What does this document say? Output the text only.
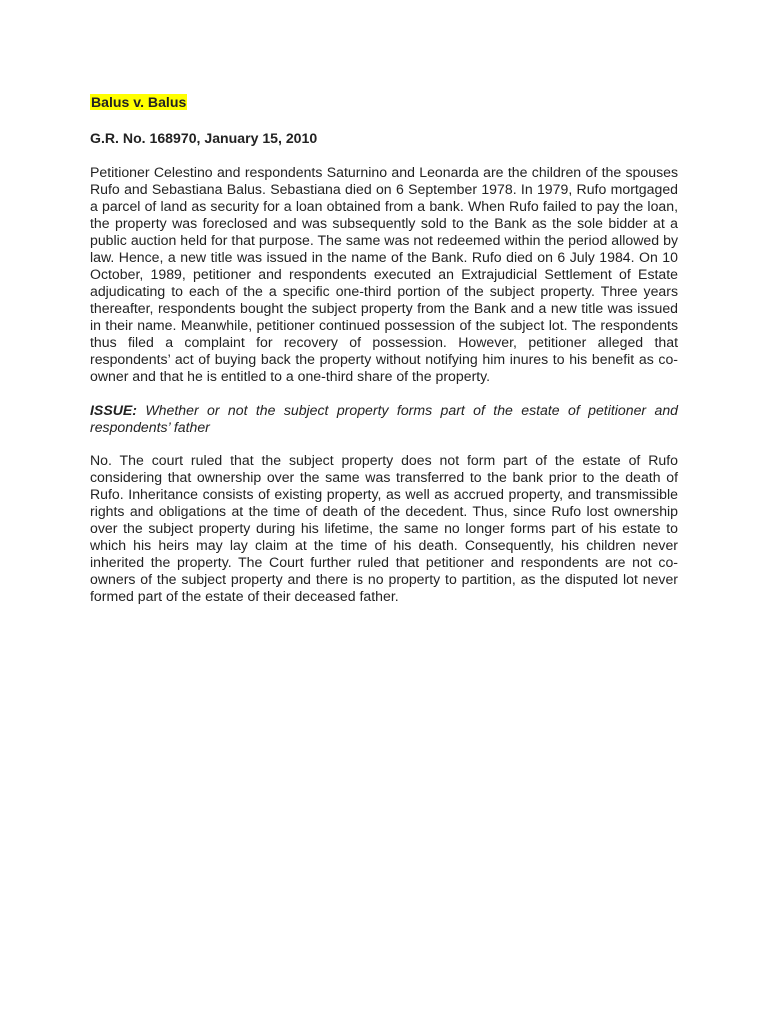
Balus v. Balus

G.R. No. 168970, January 15, 2010

Petitioner Celestino and respondents Saturnino and Leonarda are the children of the spouses Rufo and Sebastiana Balus. Sebastiana died on 6 September 1978. In 1979, Rufo mortgaged a parcel of land as security for a loan obtained from a bank. When Rufo failed to pay the loan, the property was foreclosed and was subsequently sold to the Bank as the sole bidder at a public auction held for that purpose. The same was not redeemed within the period allowed by law. Hence, a new title was issued in the name of the Bank. Rufo died on 6 July 1984. On 10 October, 1989, petitioner and respondents executed an Extrajudicial Settlement of Estate adjudicating to each of the a specific one-third portion of the subject property. Three years thereafter, respondents bought the subject property from the Bank and a new title was issued in their name. Meanwhile, petitioner continued possession of the subject lot. The respondents thus filed a complaint for recovery of possession. However, petitioner alleged that respondents’ act of buying back the property without notifying him inures to his benefit as co-owner and that he is entitled to a one-third share of the property.

ISSUE: Whether or not the subject property forms part of the estate of petitioner and respondents’ father

No. The court ruled that the subject property does not form part of the estate of Rufo considering that ownership over the same was transferred to the bank prior to the death of Rufo. Inheritance consists of existing property, as well as accrued property, and transmissible rights and obligations at the time of death of the decedent. Thus, since Rufo lost ownership over the subject property during his lifetime, the same no longer forms part of his estate to which his heirs may lay claim at the time of his death. Consequently, his children never inherited the property. The Court further ruled that petitioner and respondents are not co-owners of the subject property and there is no property to partition, as the disputed lot never formed part of the estate of their deceased father.
